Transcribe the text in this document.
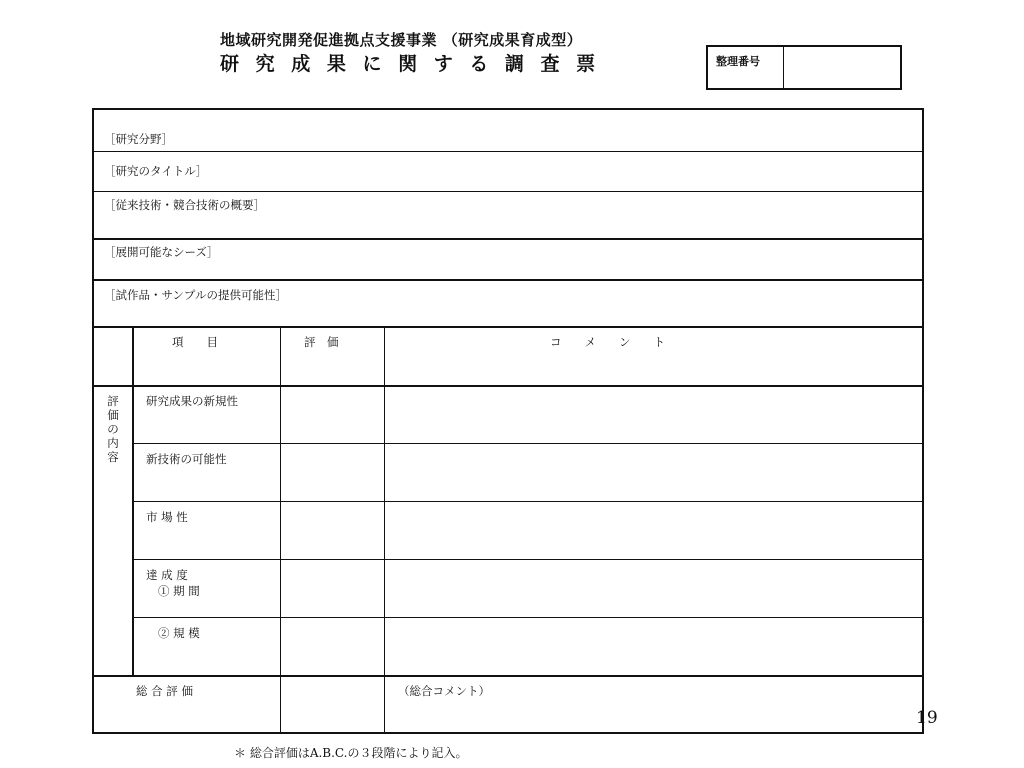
地域研究開発促進拠点支援事業 （研究成果育成型）
研 究 成 果 に 関 す る 調 査 票	整理番号
［研究分野］
［研究のタイトル］
［従来技術・競合技術の概要］
［展開可能なシーズ］
［試作品・サンプルの提供可能性］
項　　目	評　価	コ　　メ　　ン　　ト
評
価
の
内
容
研究成果の新規性
新技術の可能性
市 場 性
達 成 度
① 期 間
② 規 模
総 合 評 価	（総合コメント）
19
＊ 総合評価はA.B.C.の３段階により記入。
